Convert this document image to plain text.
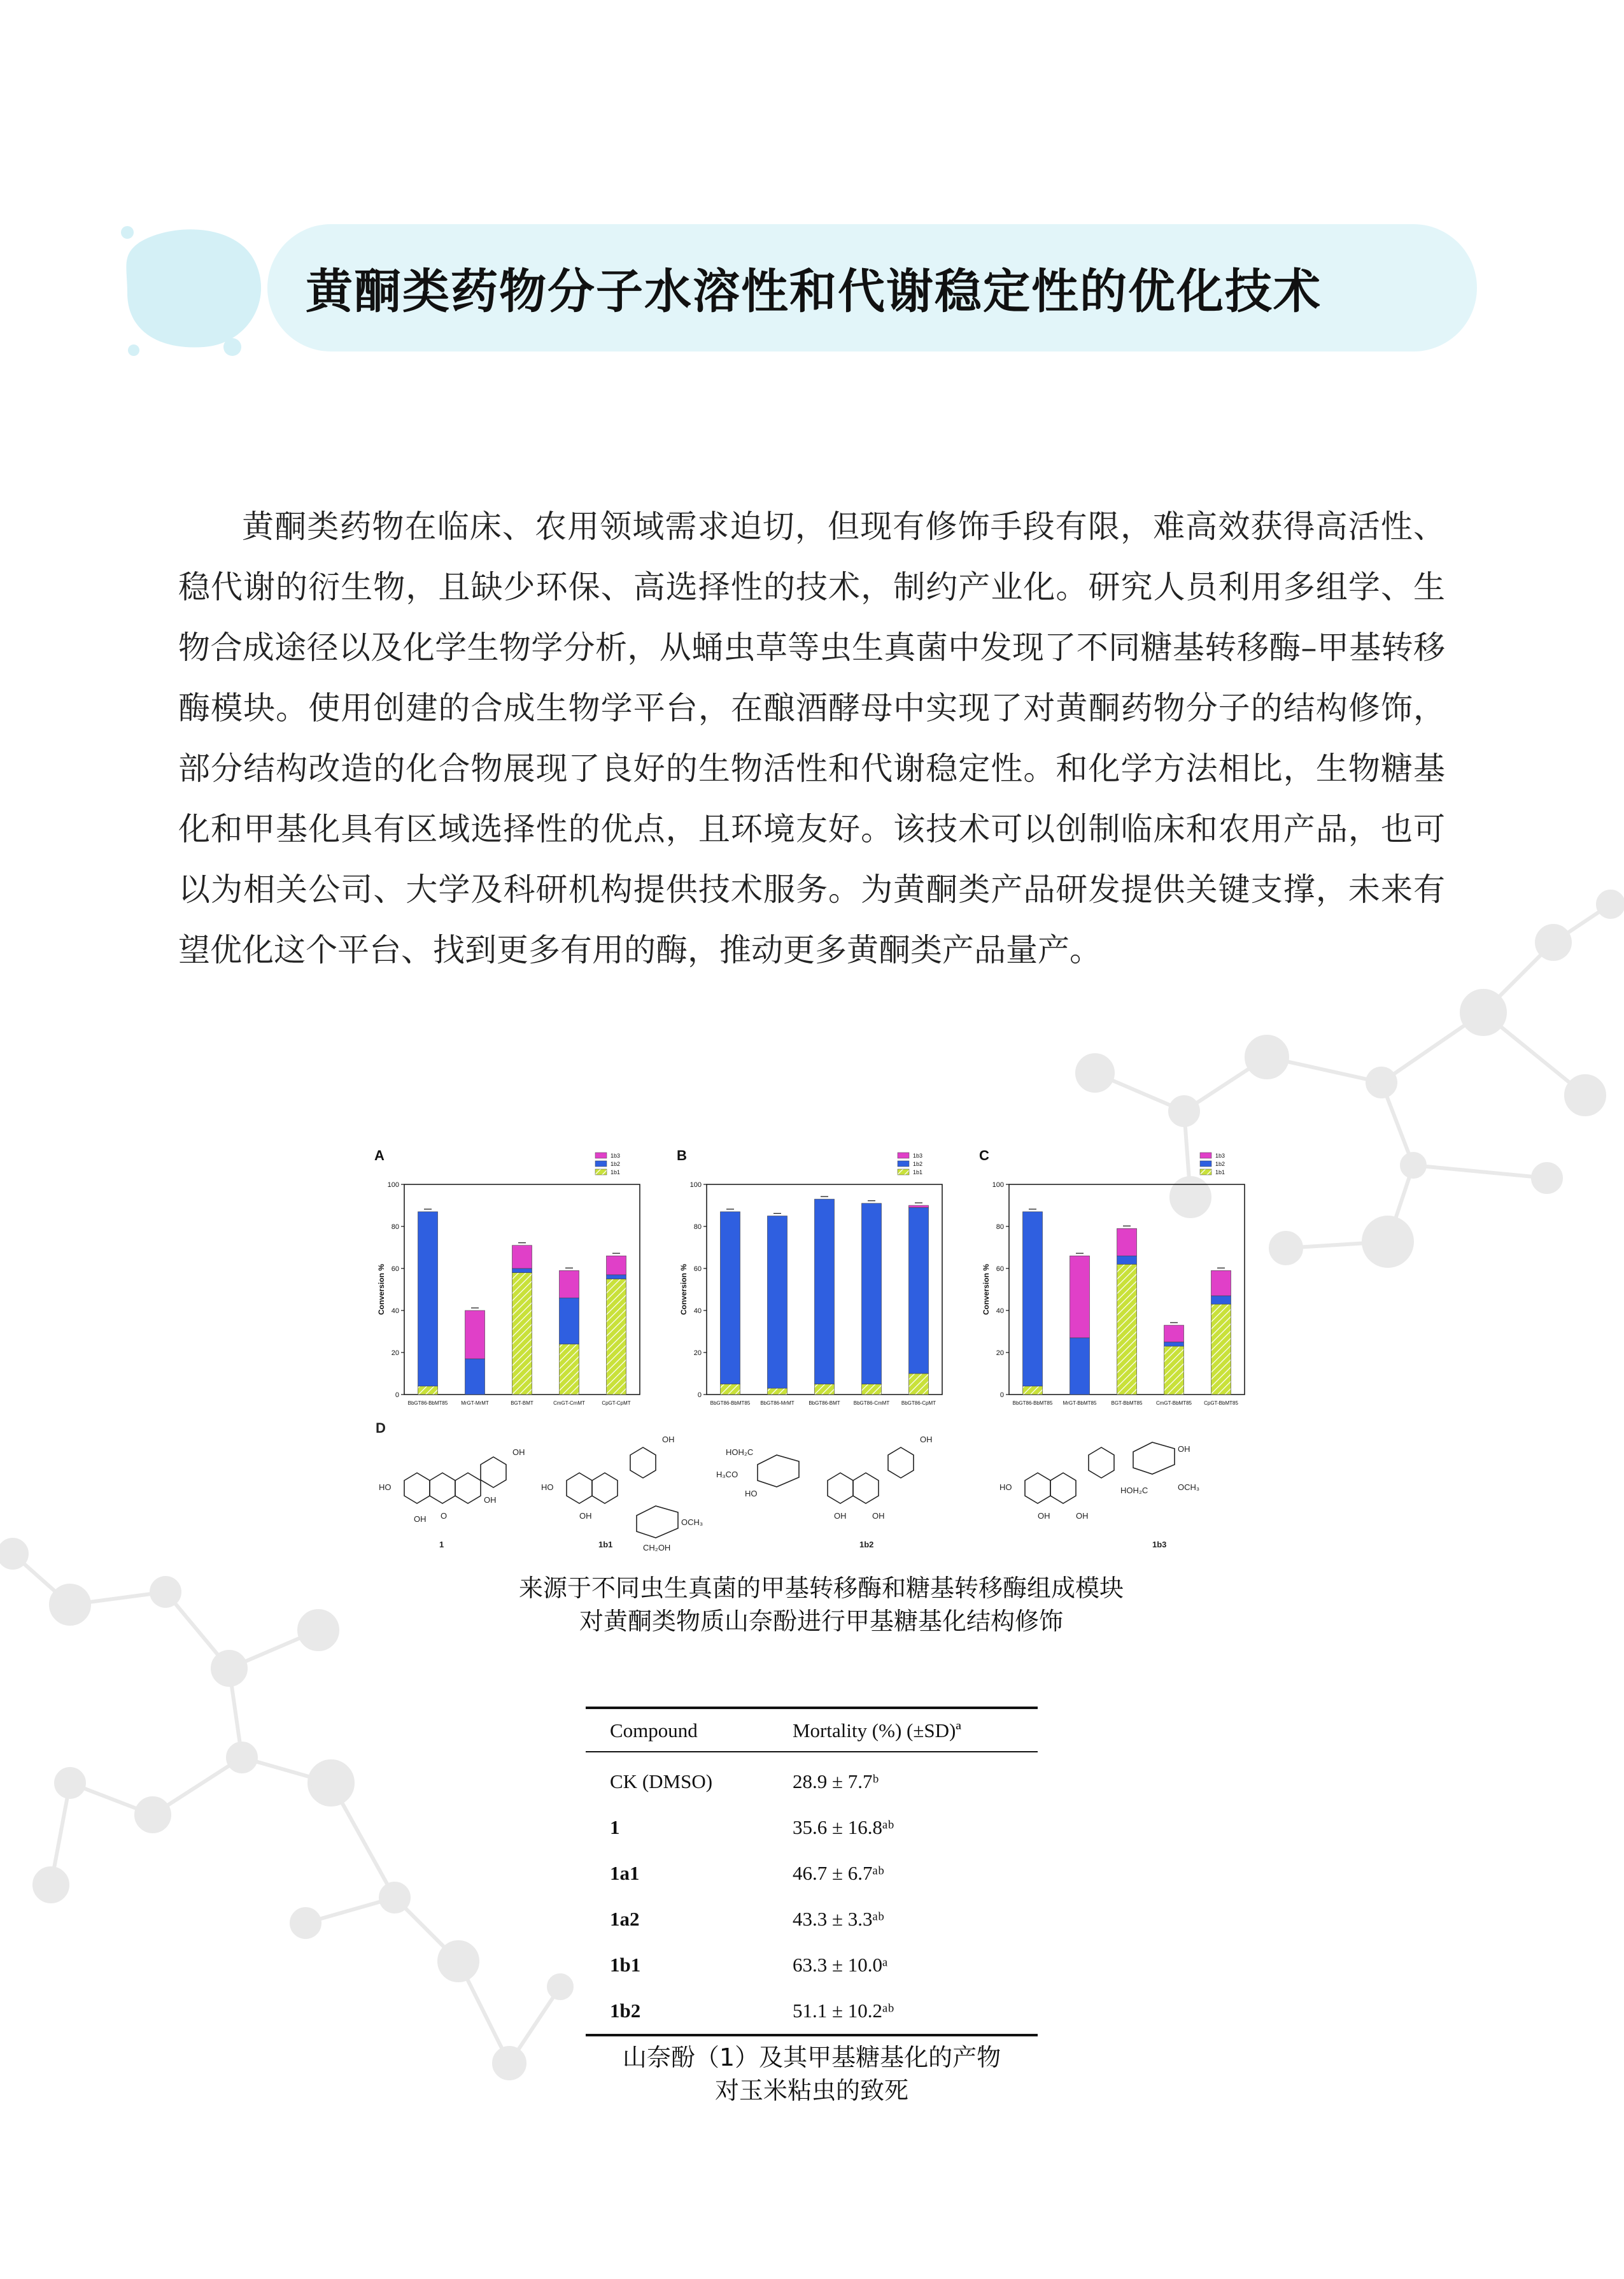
黄酮类药物分子水溶性和代谢稳定性的优化技术

黄酮类药物在临床、农用领域需求迫切，但现有修饰手段有限，难高效获得高活性、稳代谢的衍生物，且缺少环保、高选择性的技术，制约产业化。研究人员利用多组学、生物合成途径以及化学生物学分析，从蛹虫草等虫生真菌中发现了不同糖基转移酶–甲基转移酶模块。使用创建的合成生物学平台，在酿酒酵母中实现了对黄酮药物分子的结构修饰，部分结构改造的化合物展现了良好的生物活性和代谢稳定性。和化学方法相比，生物糖基化和甲基化具有区域选择性的优点，且环境友好。该技术可以创制临床和农用产品，也可以为相关公司、大学及科研机构提供技术服务。为黄酮类产品研发提供关键支撑，未来有望优化这个平台、找到更多有用的酶，推动更多黄酮类产品量产。

A
0
20
40
60
80
100
Conversion %
BbGT86-BbMT85	MrGT-MrMT	BGT-BMT	CmGT-CmMT	CpGT-CpMT
1b3
1b2
1b1
B
0
20
40
60
80
100
Conversion %
BbGT86-BbMT85 BbGT86-MrMT	BbGT86-BMT	BbGT86-CmMT BbGT86-CpMT
1b3
1b2
1b1
C
0
20
40
60
80
100
Conversion %
BbGT86-BbMT85 MrGT-BbMT85	BGT-BbMT85	CmGT-BbMT85 CpGT-BbMT85
1b3
1b2
1b1
D
HO
OH
OH
OH O
1
HO
OH
OH
OCH₃
CH₂OH
1b1
HOH₂C
H₃CO
HO
OH
OH	OH
1b2
HO
OH
OH	OH
HOH₂C	OCH₃
1b3
来源于不同虫生真菌的甲基转移酶和糖基转移酶组成模块
对黄酮类物质山奈酚进行甲基糖基化结构修饰
Compound	Mortality (%) (±SD)ª
CK (DMSO)	28.9 ± 7.7ᵇ
1	35.6 ± 16.8ᵃᵇ
1a1	46.7 ± 6.7ᵃᵇ
1a2	43.3 ± 3.3ᵃᵇ
1b1	63.3 ± 10.0ᵃ
1b2	51.1 ± 10.2ᵃᵇ
山奈酚（1）及其甲基糖基化的产物
对玉米粘虫的致死
